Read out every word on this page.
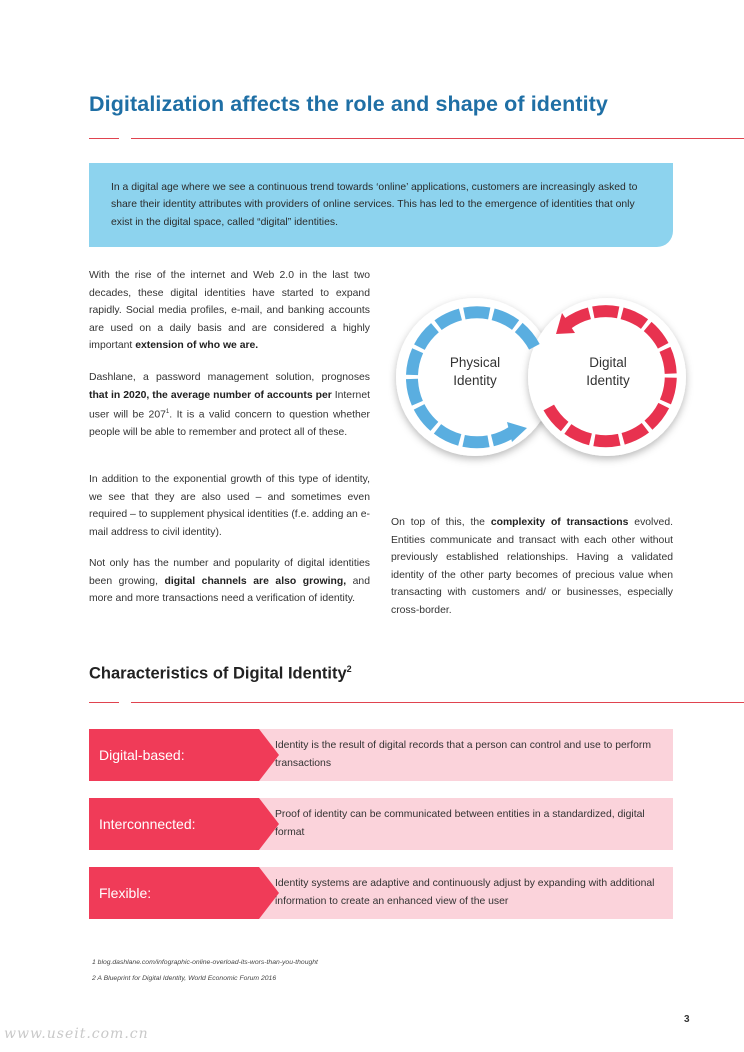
Digitalization affects the role and shape of identity
In a digital age where we see a continuous trend towards ‘online’ applications, customers are increasingly asked to share their identity attributes with providers of online services. This has led to the emergence of identities that only exist in the digital space, called “digital” identities.

With the rise of the internet and Web 2.0 in the last two decades, these digital identities have started to expand rapidly. Social media profiles, e-mail, and banking accounts are used on a daily basis and are considered a highly important extension of who we are.

Dashlane, a password management solution, prognoses that in 2020, the average number of accounts per Internet user will be $207^1$. It is a valid concern to question whether people will be able to remember and protect all of these.

In addition to the exponential growth of this type of identity, we see that they are also used – and sometimes even required – to supplement physical identities (f.e. adding an e-mail address to civil identity).

Not only has the number and popularity of digital identities been growing, digital channels are also growing, and more and more transactions need a verification of identity.

Physical
Identity
Digital
Identity

On top of this, the complexity of transactions evolved. Entities communicate and transact with each other without previously established relationships. Having a validated identity of the other party becomes of precious value when transacting with customers and/ or businesses, especially cross-border.

Characteristics of Digital Identity$^2$
Digital-based:
Identity is the result of digital records that a person can control and use to perform transactions
Interconnected:
Proof of identity can be communicated between entities in a standardized, digital format
Flexible:
Identity systems are adaptive and continuously adjust by expanding with additional information to create an enhanced view of the user
1 blog.dashlane.com/infographic-online-overload-its-wors-than-you-thought
2 A Blueprint for Digital Identity, World Economic Forum 2016
3
www.useit.com.cn
